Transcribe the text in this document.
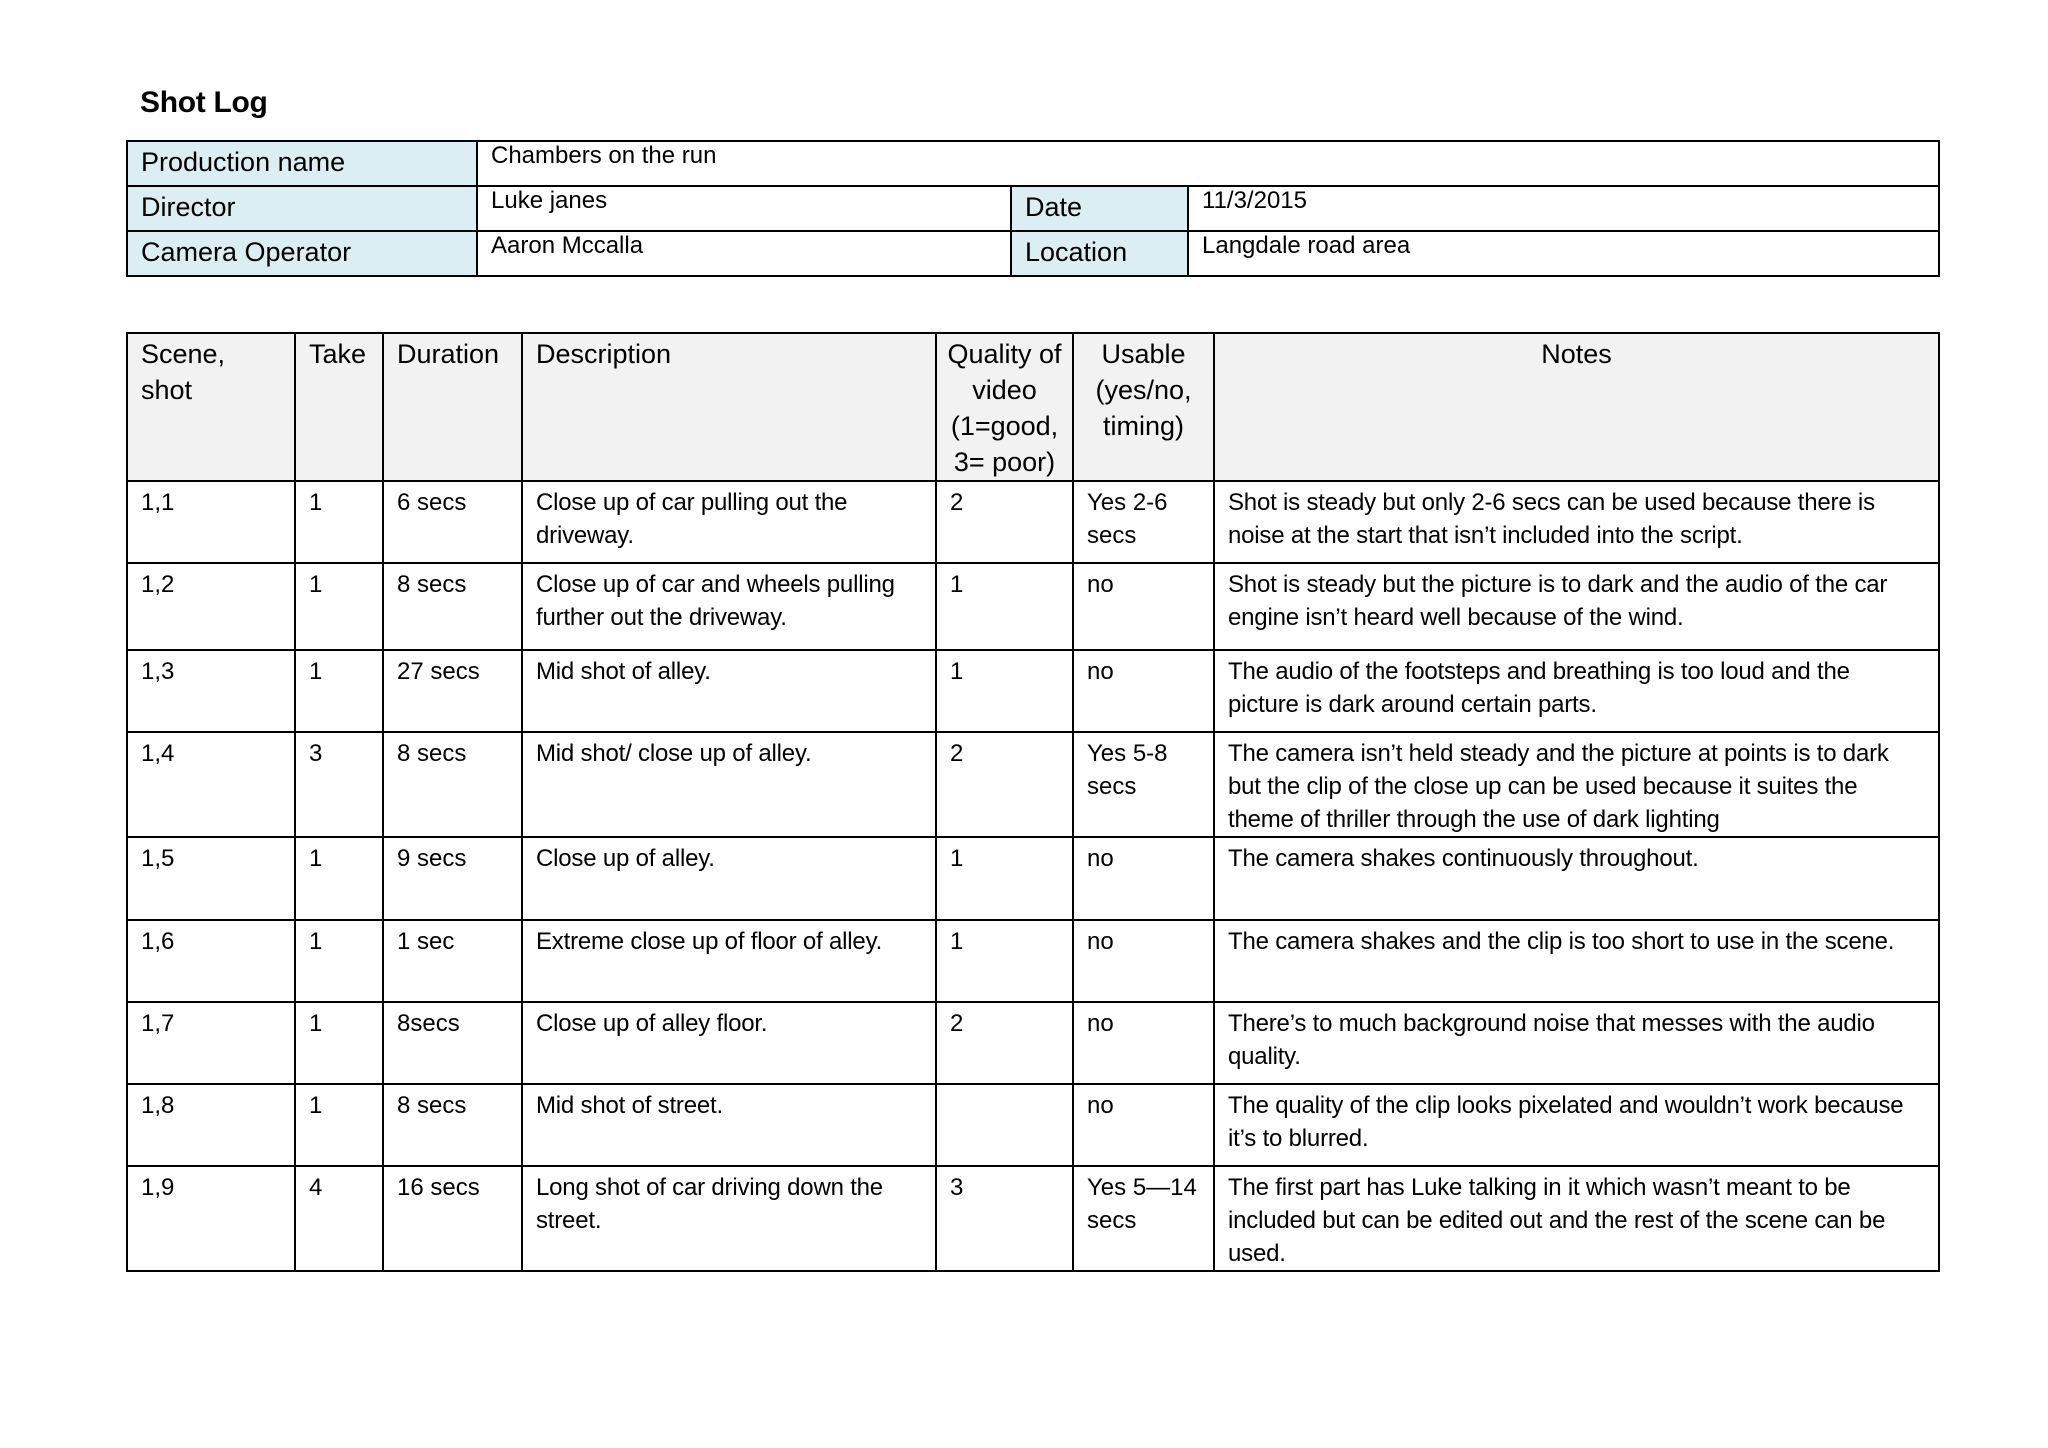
Shot Log
Production name	Chambers on the run		
Director	Luke janes	Date	11/3/2015
Camera Operator	Aaron Mccalla	Location	Langdale road area
Scene, shot	Take	Duration	Description	Quality of video (1=good, 3= poor)	Usable (yes/no, timing)	Notes
1,1	1	6 secs	Close up of car pulling out the driveway.	2	Yes 2-6 secs	Shot is steady but only 2-6 secs can be used because there is noise at the start that isn’t included into the script.
1,2	1	8 secs	Close up of car and wheels pulling further out the driveway.	1	no	Shot is steady but the picture is to dark and the audio of the car engine isn’t heard well because of the wind.
1,3	1	27 secs	Mid shot of alley.	1	no	The audio of the footsteps and breathing is too loud and the picture is dark around certain parts.
1,4	3	8 secs	Mid shot/ close up of alley.	2	Yes 5-8 secs	The camera isn’t held steady and the picture at points is to dark but the clip of the close up can be used because it suites the theme of thriller through the use of dark lighting
1,5	1	9 secs	Close up of alley.	1	no	The camera shakes continuously throughout.
1,6	1	1 sec	Extreme close up of floor of alley.	1	no	The camera shakes and the clip is too short to use in the scene.
1,7	1	8secs	Close up of alley floor.	2	no	There’s to much background noise that messes with the audio quality.
1,8	1	8 secs	Mid shot of street.		no	The quality of the clip looks pixelated and wouldn’t work because it’s to blurred.
1,9	4	16 secs	Long shot of car driving down the street.	3	Yes 5—14 secs	The first part has Luke talking in it which wasn’t meant to be included but can be edited out and the rest of the scene can be used.
